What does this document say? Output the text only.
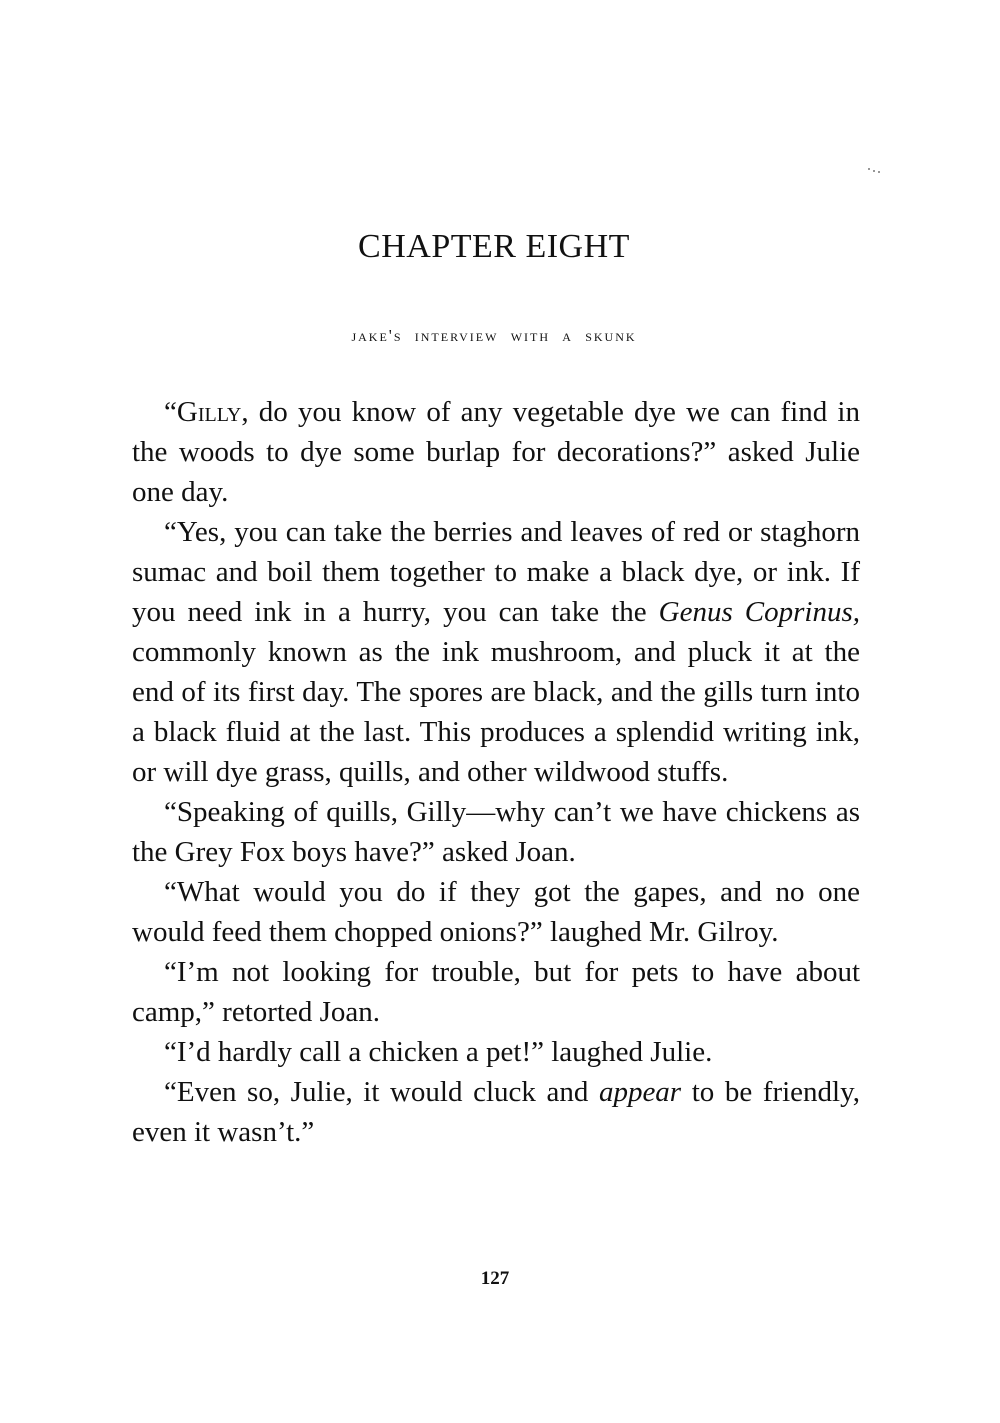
CHAPTER EIGHT
jake's interview with a skunk

“Gilly, do you know of any vegetable dye we can find in the woods to dye some burlap for decorations?” asked Julie one day.

“Yes, you can take the berries and leaves of red or staghorn sumac and boil them together to make a black dye, or ink. If you need ink in a hurry, you can take the Genus Coprinus, commonly known as the ink mushroom, and pluck it at the end of its first day. The spores are black, and the gills turn into a black fluid at the last. This produces a splendid writing ink, or will dye grass, quills, and other wildwood stuffs.

“Speaking of quills, Gilly—why can’t we have chickens as the Grey Fox boys have?” asked Joan.

“What would you do if they got the gapes, and no one would feed them chopped onions?” laughed Mr. Gilroy.

“I’m not looking for trouble, but for pets to have about camp,” retorted Joan.

“I’d hardly call a chicken a pet!” laughed Julie.

“Even so, Julie, it would cluck and appear to be friendly, even it wasn’t.”

127
